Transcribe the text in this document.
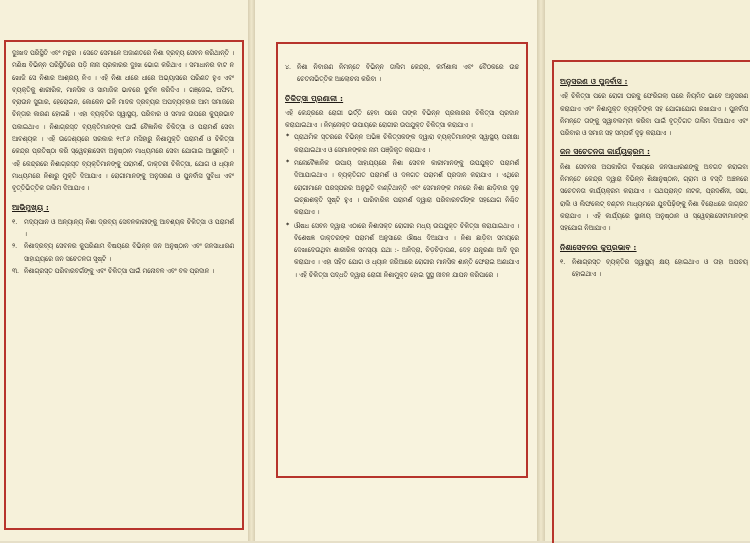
ଦୁଃଖଦ ପରିସ୍ଥିତି ଏବଂ ମନ୍ଥର । ସେତେ ସେମାନେ ଅଜାଣତରେ ନିଶା ଦ୍ରବ୍ୟ ସେବନ କରିଥାନ୍ତି । ମଣିଷ ବିଭିନ୍ନ ପରିସ୍ଥିତିରେ ପଡ଼ି ନାନା ପ୍ରକାରର ଦୁଃଖ ଭୋଗ କରିଥାଏ । ସମାଧାନର ବାଟ ନ ଖୋଜି ସେ ନିଶାର ଆଶ୍ରୟ ନିଏ । ଏହି ନିଶା ଧୀରେ ଧୀରେ ଅଭ୍ୟାସରେ ପରିଣତ ହୁଏ ଏବଂ ବ୍ୟକ୍ତିକୁ ଶାରୀରିକ, ମାନସିକ ଓ ସାମାଜିକ ଭାବରେ ଦୁର୍ବଳ କରିଦିଏ । ଗଞ୍ଜେଇ, ଅଫିମ, ବ୍ରାଉନ ସୁଗାର, ହେରୋଇନ, କୋକେନ ଭଳି ମାଦକ ଦ୍ରବ୍ୟର ଅପବ୍ୟବହାର ଆମ ସମାଜରେ ଚିନ୍ତାର କାରଣ ହୋଇଛି । ଏହା ବ୍ୟକ୍ତିର ସ୍ୱାସ୍ଥ୍ୟ, ପରିବାର ଓ ସମାଜ ଉପରେ କୁପ୍ରଭାବ ପକାଇଥାଏ । ନିଶାଗ୍ରସ୍ତ ବ୍ୟକ୍ତିମାନଙ୍କ ପାଇଁ ବୈଜ୍ଞାନିକ ଚିକିତ୍ସା ଓ ପରାମର୍ଶ ସେବା ଆବଶ୍ୟକ । ଏହି ଉଦ୍ଦେଶ୍ୟରେ ସରକାର ୧୯୮୬ ମସିହାରୁ ନିଶାମୁକ୍ତି ପରାମର୍ଶ ଓ ଚିକିତ୍ସା କେନ୍ଦ୍ର ପ୍ରତିଷ୍ଠା କରି ସ୍ୱେଚ୍ଛାସେବୀ ଅନୁଷ୍ଠାନ ମାଧ୍ୟମରେ ସେବା ଯୋଗାଇ ଆସୁଛନ୍ତି । ଏହି କେନ୍ଦ୍ରରେ ନିଶାଗ୍ରସ୍ତ ବ୍ୟକ୍ତିମାନଙ୍କୁ ପରାମର୍ଶ, ଡାକ୍ତରୀ ଚିକିତ୍ସା, ଯୋଗ ଓ ଧ୍ୟାନ ମାଧ୍ୟମରେ ନିଶାରୁ ମୁକ୍ତି ଦିଆଯାଏ । ରୋଗୀମାନଙ୍କୁ ଅନୁସରଣ ଓ ପୁନର୍ବାସ ସୁବିଧା ଏବଂ ବୃତ୍ତିଭିତ୍ତିକ ତାଲିମ ଦିଆଯାଏ ।

ଆଭିମୁଖ୍ୟ :
୧. ମଦ୍ୟପାନ ଓ ଅନ୍ୟାନ୍ୟ ନିଶା ଦ୍ରବ୍ୟ ସେବନକାରୀଙ୍କୁ ଆବଶ୍ୟକ ଚିକିତ୍ସା ଓ ପରାମର୍ଶ ।
୨. ନିଶାଦ୍ରବ୍ୟ ସେବନର କୁପରିଣାମ ବିଷୟରେ ବିଭିନ୍ନ ଜନ ଅନୁଷ୍ଠାନ ଏବଂ ଜନସାଧାରଣ ସାହାଯ୍ୟରେ ଜନ ସଚେତନତା ସୃଷ୍ଟି ।
୩. ନିଶାଗ୍ରସ୍ତ ପରିବାରବର୍ଗଙ୍କୁ ଏବଂ ଚିକିତ୍ସା ପାଇଁ ମନୋବଳ ଏବଂ ବଳ ପ୍ରଦାନ ।
୪. ନିଶା ନିବାରଣ ନିମନ୍ତେ ବିଭିନ୍ନ ତାଲିମ କେନ୍ଦ୍ର, କର୍ମଶାଳା ଏବଂ ବୈଠକରେ ଉଚ୍ଚ ଚେତନାଭିତ୍ତିକ ଆଲୋଚନା କରିବା ।
ଚିକିତ୍ସା ପ୍ରଣାଳୀ :

ଏହି କେନ୍ଦ୍ରରେ ରୋଗୀ ଭର୍ତ୍ତି ହେବା ପରେ ତାଙ୍କ ବିଭିନ୍ନ ପ୍ରକାରର ଚିକିତ୍ସା ପ୍ରଦାନ କରାଯାଇଥାଏ । ନିମ୍ନୋକ୍ତ ଉପାୟରେ ରୋଗୀର ଉପଯୁକ୍ତ ଚିକିତ୍ସା କରାଯାଏ ।

* ପ୍ରାଥମିକ ସ୍ତରରେ ବିଭିନ୍ନ ଅଭିଜ୍ଞ ଚିକିତ୍ସକଙ୍କ ଦ୍ୱାରା ବ୍ୟକ୍ତିମାନଙ୍କ ସ୍ୱାସ୍ଥ୍ୟ ପରୀକ୍ଷା କରାଯାଇଥାଏ ଓ ସେମାନଙ୍କର ନାମ ପଞ୍ଜିକୃତ କରାଯାଏ ।
* ମନୋବୈଜ୍ଞାନିକ ଉପାୟ ସାହାଯ୍ୟରେ ନିଶା ସେବନ କାରୀମାନଙ୍କୁ ଉପଯୁକ୍ତ ପରାମର୍ଶ ଦିଆଯାଇଥାଏ । ବ୍ୟକ୍ତିଗତ ପରାମର୍ଶ ଓ ଦଳଗତ ପରାମର୍ଶ ପ୍ରଦାନ କରାଯାଏ । ଏଥିରେ ରୋଗୀମାନେ ପରସ୍ପରର ଅନୁଭୂତି ବାଣ୍ଟିଥାନ୍ତି ଏବଂ ସେମାନଙ୍କ ମନରେ ନିଶା ଛାଡ଼ିବାର ଦୃଢ଼ ଇଚ୍ଛାଶକ୍ତି ସୃଷ୍ଟି ହୁଏ । ପାରିବାରିକ ପରାମର୍ଶ ଦ୍ୱାରା ପରିବାରବର୍ଗଙ୍କ ସହଯୋଗ ନିଶ୍ଚିତ କରାଯାଏ ।
* ଔଷଧ ସେବନ ଦ୍ୱାରା ଏଠାରେ ନିଶାସକ୍ତ ରୋଗୀର ମଧ୍ୟ ଉପଯୁକ୍ତ ଚିକିତ୍ସା କରାଯାଇଥାଏ । ବିଶେଷଜ୍ଞ ଡାକ୍ତରଙ୍କ ପରାମର୍ଶ ଅନୁସାରେ ଔଷଧ ଦିଆଯାଏ । ନିଶା ଛାଡ଼ିବା ସମୟରେ ଦେଖାଦେଉଥିବା ଶାରୀରିକ ସମସ୍ୟା ଯଥା :- ଅନିଦ୍ରା, ଚିଡ଼ଚିଡ଼ାପଣ, ଦେହ ଯନ୍ତ୍ରଣା ଆଦି ଦୂର କରାଯାଏ । ଏହା ସହିତ ଯୋଗ ଓ ଧ୍ୟାନ ଜରିଆରେ ରୋଗୀର ମାନସିକ ଶାନ୍ତି ଫେରାଇ ଅଣାଯାଏ । ଏହି ଚିକିତ୍ସା ପଦ୍ଧତି ଦ୍ୱାରା ରୋଗୀ ନିଶାମୁକ୍ତ ହୋଇ ସୁସ୍ଥ ଜୀବନ ଯାପନ କରିପାରେ ।
ଅନୁସରଣ ଓ ପୁନର୍ବାସ :

ଏହି ଚିକିତ୍ସା ପରେ ରୋଗୀ ଘରକୁ ଫେରିଗଲା ପରେ ନିୟମିତ ଭାବେ ଅନୁସରଣ କରାଯାଏ ଏବଂ ନିଶାମୁକ୍ତ ବ୍ୟକ୍ତିଙ୍କ ସହ ଯୋଗାଯୋଗ ରଖାଯାଏ । ପୁନର୍ବାସ ନିମନ୍ତେ ତାଙ୍କୁ ସ୍ୱାବଲମ୍ବୀ କରିବା ପାଇଁ ବୃତ୍ତିଗତ ତାଲିମ ଦିଆଯାଏ ଏବଂ ପରିବାର ଓ ସମାଜ ସହ ସମ୍ପର୍କ ଦୃଢ଼ କରାଯାଏ ।

ଜନ ସଚେତନତା କାର୍ଯ୍ୟକ୍ରମ :

ନିଶା ସେବନର ଅପକାରିତା ବିଷୟରେ ଜନସାଧାରଣଙ୍କୁ ଅବଗତ କରାଇବା ନିମନ୍ତେ କେନ୍ଦ୍ର ଦ୍ୱାରା ବିଭିନ୍ନ ଶିକ୍ଷାନୁଷ୍ଠାନ, ଗ୍ରାମ ଓ ବସ୍ତି ଅଞ୍ଚଳରେ ସଚେତନତା କାର୍ଯ୍ୟକ୍ରମ କରାଯାଏ । ପଥପ୍ରାନ୍ତ ନାଟକ, ପ୍ରଦର୍ଶନୀ, ସଭା, ରାଲି ଓ ଲିଫଲେଟ୍ ବଣ୍ଟନ ମାଧ୍ୟମରେ ଯୁବପିଢ଼ିଙ୍କୁ ନିଶା ବିରୋଧରେ ଜାଗ୍ରତ କରାଯାଏ । ଏହି କାର୍ଯ୍ୟରେ ସ୍ଥାନୀୟ ଅନୁଷ୍ଠାନ ଓ ସ୍ୱେଚ୍ଛାସେବୀମାନଙ୍କ ସହଯୋଗ ନିଆଯାଏ ।

ନିଶାସେବନର କୁପ୍ରଭାବ :
୧. ନିଶାଗ୍ରସ୍ତ ବ୍ୟକ୍ତିର ସ୍ୱାସ୍ଥ୍ୟ କ୍ଷୟ ହୋଇଥାଏ ଓ ତାହା ଅପଚୟ ହୋଇଥାଏ ।
